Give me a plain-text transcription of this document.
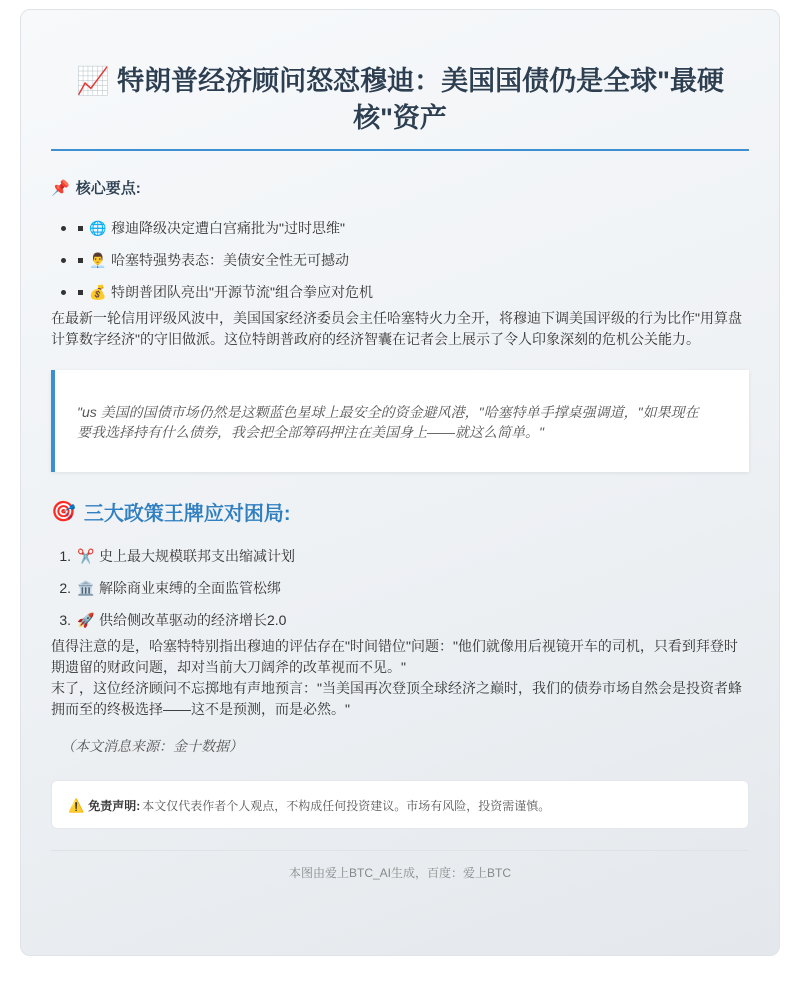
📈 特朗普经济顾问怒怼穆迪：美国国债仍是全球"最硬核"资产
📌 核心要点:
🌐 穆迪降级决定遭白宫痛批为"过时思维"
👨‍💼 哈塞特强势表态：美债安全性无可撼动
💰 特朗普团队亮出"开源节流"组合拳应对危机

在最新一轮信用评级风波中，美国国家经济委员会主任哈塞特火力全开，将穆迪下调美国评级的行为比作"用算盘计算数字经济"的守旧做派。这位特朗普政府的经济智囊在记者会上展示了令人印象深刻的危机公关能力。

"us 美国的国债市场仍然是这颗蓝色星球上最安全的资金避风港，"哈塞特单手撑桌强调道，"如果现在要我选择持有什么债券，我会把全部筹码押注在美国身上——就这么简单。"
🎯 三大政策王牌应对困局:
1. ✂️ 史上最大规模联邦支出缩减计划
2. 🏛️ 解除商业束缚的全面监管松绑
3. 🚀 供给侧改革驱动的经济增长2.0

值得注意的是，哈塞特特别指出穆迪的评估存在"时间错位"问题："他们就像用后视镜开车的司机，只看到拜登时期遗留的财政问题，却对当前大刀阔斧的改革视而不见。"

末了，这位经济顾问不忘掷地有声地预言："当美国再次登顶全球经济之巅时，我们的债券市场自然会是投资者蜂拥而至的终极选择——这不是预测，而是必然。"

（本文消息来源：金十数据）
⚠️ 免责声明: 本文仅代表作者个人观点，不构成任何投资建议。市场有风险，投资需谨慎。
本图由爱上BTC_AI生成，百度：爱上BTC
